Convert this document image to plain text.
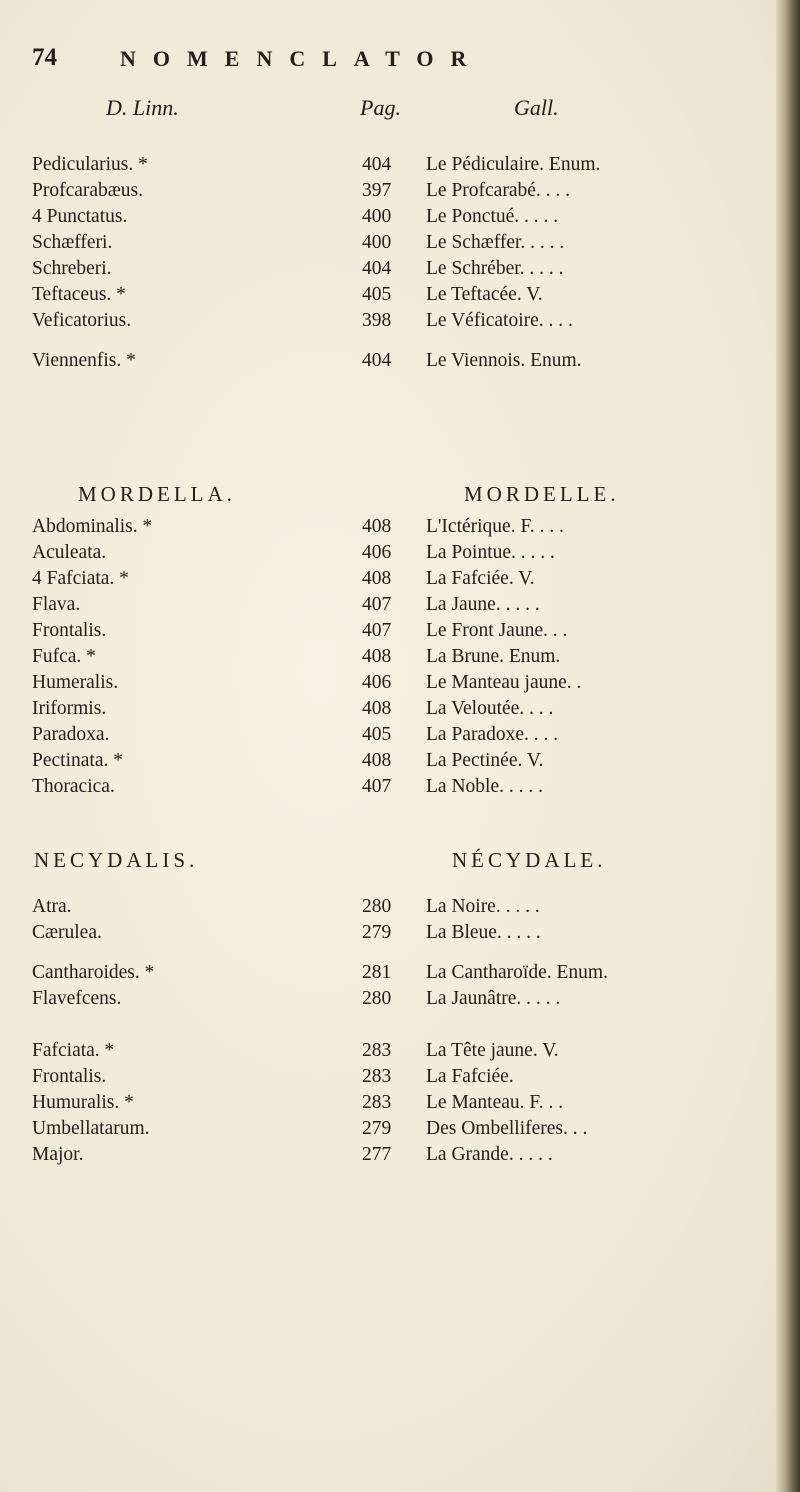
74	NOMENCLATOR
D. Linn.	Pag.	Gall.
Pedicularius. *	404 Le Pédiculaire. Enum.
Profcarabæus.	397 Le Profcarabé. . . .
4 Punctatus.	400 Le Ponctué. . . . .
Schæfferi.	400 Le Schæffer. . . . .
Schreberi.	404 Le Schréber. . . . .
Teftaceus. *	405 Le Teftacée. V.
Veficatorius.	398 Le Véficatoire. . . .
Viennenfis. *	404 Le Viennois. Enum.
Abdominalis. *	408 L'Ictérique. F. . . .
Aculeata.	406 La Pointue. . . . .
4 Fafciata. *	408 La Fafciée. V.
Flava.	407 La Jaune. . . . .
Frontalis.	407 Le Front Jaune. . .
Fufca. *	408 La Brune. Enum.
Humeralis.	406 Le Manteau jaune. .
Iriformis.	408 La Veloutée. . . .
Paradoxa.	405 La Paradoxe. . . .
Pectinata. *	408 La Pectinée. V.
Thoracica.	407 La Noble. . . . .
Atra.	280 La Noire. . . . .
Cærulea.	279 La Bleue. . . . .
Cantharoides. *	281 La Cantharoïde. Enum.
Flavefcens.	280 La Jaunâtre. . . . .
Fafciata. *	283 La Tête jaune. V.
Frontalis.	283 La Fafciée.
Humuralis. *	283 Le Manteau. F. . .
Umbellatarum.	279 Des Ombelliferes. . .
Major.	277 La Grande. . . . .
MORDELLA.	MORDELLE.
NECYDALIS.	NÉCYDALE.
